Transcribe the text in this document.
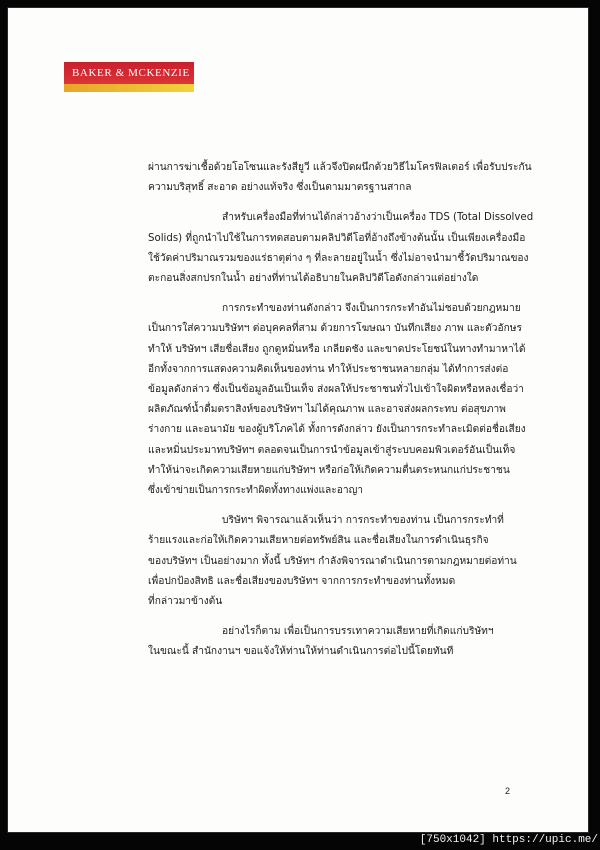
BAKER & MCKENZIE
ผ่านการฆ่าเชื้อด้วยโอโซนและรังสียูวี แล้วจึงปิดผนึกด้วยวิธีไมโครฟิลเตอร์ เพื่อรับประกัน
ความบริสุทธิ์ สะอาด อย่างแท้จริง ซึ่งเป็นตามมาตรฐานสากล
สำหรับเครื่องมือที่ท่านได้กล่าวอ้างว่าเป็นเครื่อง TDS (Total Dissolved
Solids) ที่ถูกนำไปใช้ในการทดสอบตามคลิปวิดีโอที่อ้างถึงข้างต้นนั้น เป็นเพียงเครื่องมือ
ใช้วัดค่าปริมาณรวมของแร่ธาตุต่าง ๆ ที่ละลายอยู่ในน้ำ ซึ่งไม่อาจนำมาชี้วัดปริมาณของ
ตะกอนสิ่งสกปรกในน้ำ อย่างที่ท่านได้อธิบายในคลิปวิดีโอดังกล่าวแต่อย่างใด
การกระทำของท่านดังกล่าว จึงเป็นการกระทำอันไม่ชอบด้วยกฎหมาย
เป็นการใส่ความบริษัทฯ ต่อบุคคลที่สาม ด้วยการโฆษณา บันทึกเสียง ภาพ และตัวอักษร
ทำให้ บริษัทฯ เสียชื่อเสียง ถูกดูหมิ่นหรือ เกลียดชัง และขาดประโยชน์ในทางทำมาหาได้
อีกทั้งจากการแสดงความคิดเห็นของท่าน ทำให้ประชาชนหลายกลุ่ม ได้ทำการส่งต่อ
ข้อมูลดังกล่าว ซึ่งเป็นข้อมูลอันเป็นเท็จ ส่งผลให้ประชาชนทั่วไปเข้าใจผิดหรือหลงเชื่อว่า
ผลิตภัณฑ์น้ำดื่มตราสิงห์ของบริษัทฯ ไม่ได้คุณภาพ และอาจส่งผลกระทบ ต่อสุขภาพ
ร่างกาย และอนามัย ของผู้บริโภคได้ ทั้งการดังกล่าว ยังเป็นการกระทำละเมิดต่อชื่อเสียง
และหมิ่นประมาทบริษัทฯ ตลอดจนเป็นการนำข้อมูลเข้าสู่ระบบคอมพิวเตอร์อันเป็นเท็จ
ทำให้น่าจะเกิดความเสียหายแก่บริษัทฯ หรือก่อให้เกิดความตื่นตระหนกแก่ประชาชน
ซึ่งเข้าข่ายเป็นการกระทำผิดทั้งทางแพ่งและอาญา
บริษัทฯ พิจารณาแล้วเห็นว่า การกระทำของท่าน เป็นการกระทำที่
ร้ายแรงและก่อให้เกิดความเสียหายต่อทรัพย์สิน และชื่อเสียงในการดำเนินธุรกิจ
ของบริษัทฯ เป็นอย่างมาก ทั้งนี้ บริษัทฯ กำลังพิจารณาดำเนินการตามกฎหมายต่อท่าน
เพื่อปกป้องสิทธิ และชื่อเสียงของบริษัทฯ จากการกระทำของท่านทั้งหมด
ที่กล่าวมาข้างต้น
อย่างไรก็ตาม เพื่อเป็นการบรรเทาความเสียหายที่เกิดแก่บริษัทฯ
ในขณะนี้ สำนักงานฯ ขอแจ้งให้ท่านให้ท่านดำเนินการต่อไปนี้โดยทันที
2
[750x1042] https://upic.me/
